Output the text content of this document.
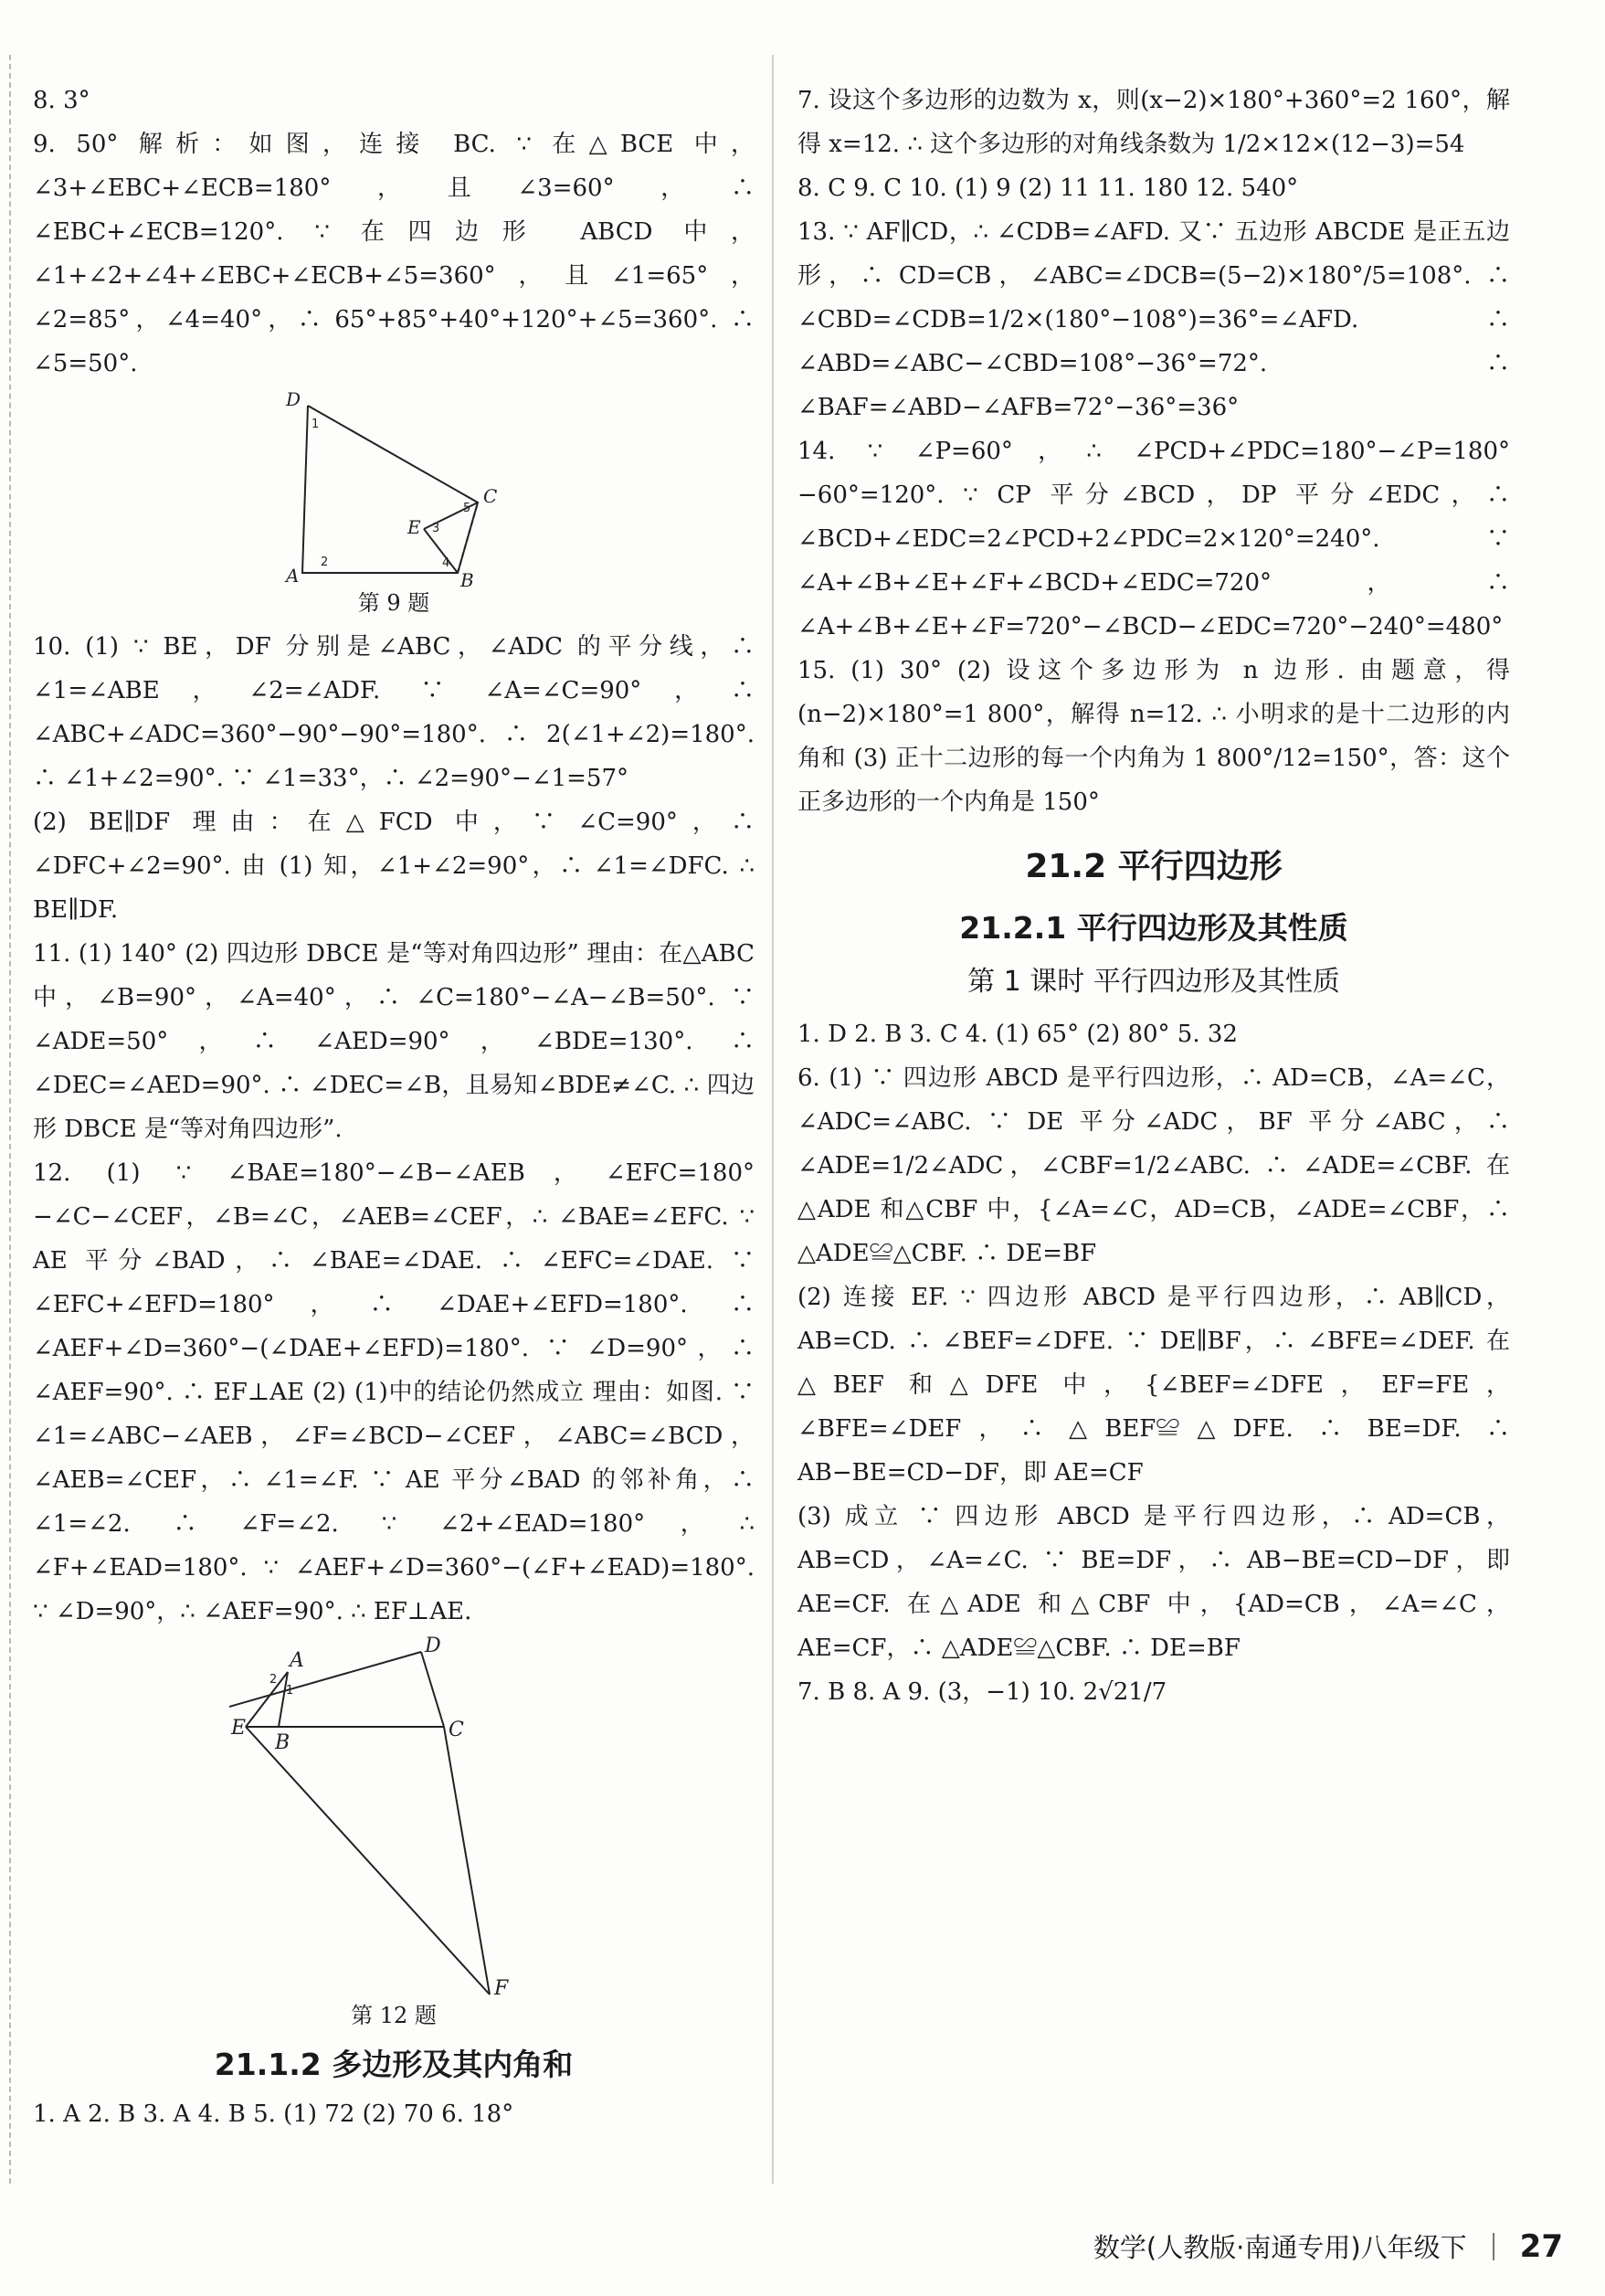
8. 3°

9. 50° 解析：如图，连接 BC. ∵ 在△BCE 中，∠3+∠EBC+∠ECB=180°，且∠3=60°，∴ ∠EBC+∠ECB=120°. ∵ 在四边形 ABCD 中，∠1+∠2+∠4+∠EBC+∠ECB+∠5=360°，且∠1=65°，∠2=85°，∠4=40°，∴ 65°+85°+40°+120°+∠5=360°. ∴ ∠5=50°.

D
C
E
A	B
1
2
3
4
5
第 9 题

10. (1) ∵ BE，DF 分别是∠ABC，∠ADC 的平分线，∴ ∠1=∠ABE，∠2=∠ADF. ∵ ∠A=∠C=90°，∴ ∠ABC+∠ADC=360°−90°−90°=180°. ∴ 2(∠1+∠2)=180°. ∴ ∠1+∠2=90°. ∵ ∠1=33°，∴ ∠2=90°−∠1=57°

(2) BE∥DF 理由：在△FCD 中，∵ ∠C=90°，∴ ∠DFC+∠2=90°. 由 (1) 知，∠1+∠2=90°，∴ ∠1=∠DFC. ∴ BE∥DF.

11. (1) 140° (2) 四边形 DBCE 是“等对角四边形” 理由：在△ABC 中，∠B=90°，∠A=40°，∴ ∠C=180°−∠A−∠B=50°. ∵ ∠ADE=50°，∴ ∠AED=90°，∠BDE=130°. ∴ ∠DEC=∠AED=90°. ∴ ∠DEC=∠B，且易知∠BDE≠∠C. ∴ 四边形 DBCE 是“等对角四边形”.

12. (1) ∵ ∠BAE=180°−∠B−∠AEB，∠EFC=180°−∠C−∠CEF，∠B=∠C，∠AEB=∠CEF，∴ ∠BAE=∠EFC. ∵ AE 平分∠BAD，∴ ∠BAE=∠DAE. ∴ ∠EFC=∠DAE. ∵ ∠EFC+∠EFD=180°，∴ ∠DAE+∠EFD=180°. ∴ ∠AEF+∠D=360°−(∠DAE+∠EFD)=180°. ∵ ∠D=90°，∴ ∠AEF=90°. ∴ EF⊥AE (2) (1)中的结论仍然成立 理由：如图. ∵ ∠1=∠ABC−∠AEB，∠F=∠BCD−∠CEF，∠ABC=∠BCD，∠AEB=∠CEF，∴ ∠1=∠F. ∵ AE 平分∠BAD 的邻补角，∴ ∠1=∠2. ∴ ∠F=∠2. ∵ ∠2+∠EAD=180°，∴ ∠F+∠EAD=180°. ∵ ∠AEF+∠D=360°−(∠F+∠EAD)=180°. ∵ ∠D=90°，∴ ∠AEF=90°. ∴ EF⊥AE.

A
D
E
B
C
F
1
2
第 12 题
21.1.2 多边形及其内角和

1. A 2. B 3. A 4. B 5. (1) 72 (2) 70 6. 18°

7. 设这个多边形的边数为 x，则(x−2)×180°+360°=2 160°，解得 x=12. ∴ 这个多边形的对角线条数为 1/2×12×(12−3)=54

8. C 9. C 10. (1) 9 (2) 11 11. 180 12. 540°

13. ∵ AF∥CD，∴ ∠CDB=∠AFD. 又∵ 五边形 ABCDE 是正五边形，∴ CD=CB，∠ABC=∠DCB=(5−2)×180°/5=108°. ∴ ∠CBD=∠CDB=1/2×(180°−108°)=36°=∠AFD. ∴ ∠ABD=∠ABC−∠CBD=108°−36°=72°. ∴ ∠BAF=∠ABD−∠AFB=72°−36°=36°

14. ∵ ∠P=60°，∴ ∠PCD+∠PDC=180°−∠P=180°−60°=120°. ∵ CP 平分∠BCD，DP 平分∠EDC，∴ ∠BCD+∠EDC=2∠PCD+2∠PDC=2×120°=240°. ∵ ∠A+∠B+∠E+∠F+∠BCD+∠EDC=720°，∴ ∠A+∠B+∠E+∠F=720°−∠BCD−∠EDC=720°−240°=480°

15. (1) 30° (2) 设这个多边形为 n 边形. 由题意，得(n−2)×180°=1 800°，解得 n=12. ∴ 小明求的是十二边形的内角和 (3) 正十二边形的每一个内角为 1 800°/12=150°，答：这个正多边形的一个内角是 150°

21.2 平行四边形
21.2.1 平行四边形及其性质
第 1 课时 平行四边形及其性质

1. D 2. B 3. C 4. (1) 65° (2) 80° 5. 32

6. (1) ∵ 四边形 ABCD 是平行四边形，∴ AD=CB，∠A=∠C，∠ADC=∠ABC. ∵ DE 平分∠ADC，BF 平分∠ABC，∴ ∠ADE=1/2∠ADC，∠CBF=1/2∠ABC. ∴ ∠ADE=∠CBF. 在△ADE 和△CBF 中，{∠A=∠C，AD=CB，∠ADE=∠CBF，∴ △ADE≌△CBF. ∴ DE=BF

(2) 连接 EF. ∵ 四边形 ABCD 是平行四边形，∴ AB∥CD，AB=CD. ∴ ∠BEF=∠DFE. ∵ DE∥BF，∴ ∠BFE=∠DEF. 在△BEF 和△DFE 中，{∠BEF=∠DFE，EF=FE，∠BFE=∠DEF，∴ △BEF≌△DFE. ∴ BE=DF. ∴ AB−BE=CD−DF，即 AE=CF

(3) 成立 ∵ 四边形 ABCD 是平行四边形，∴ AD=CB，AB=CD，∠A=∠C. ∵ BE=DF，∴ AB−BE=CD−DF，即 AE=CF. 在△ADE 和△CBF 中，{AD=CB，∠A=∠C，AE=CF，∴ △ADE≌△CBF. ∴ DE=BF

7. B 8. A 9. (3，−1) 10. 2√21/7

数学(人教版·南通专用)八年级下 27
